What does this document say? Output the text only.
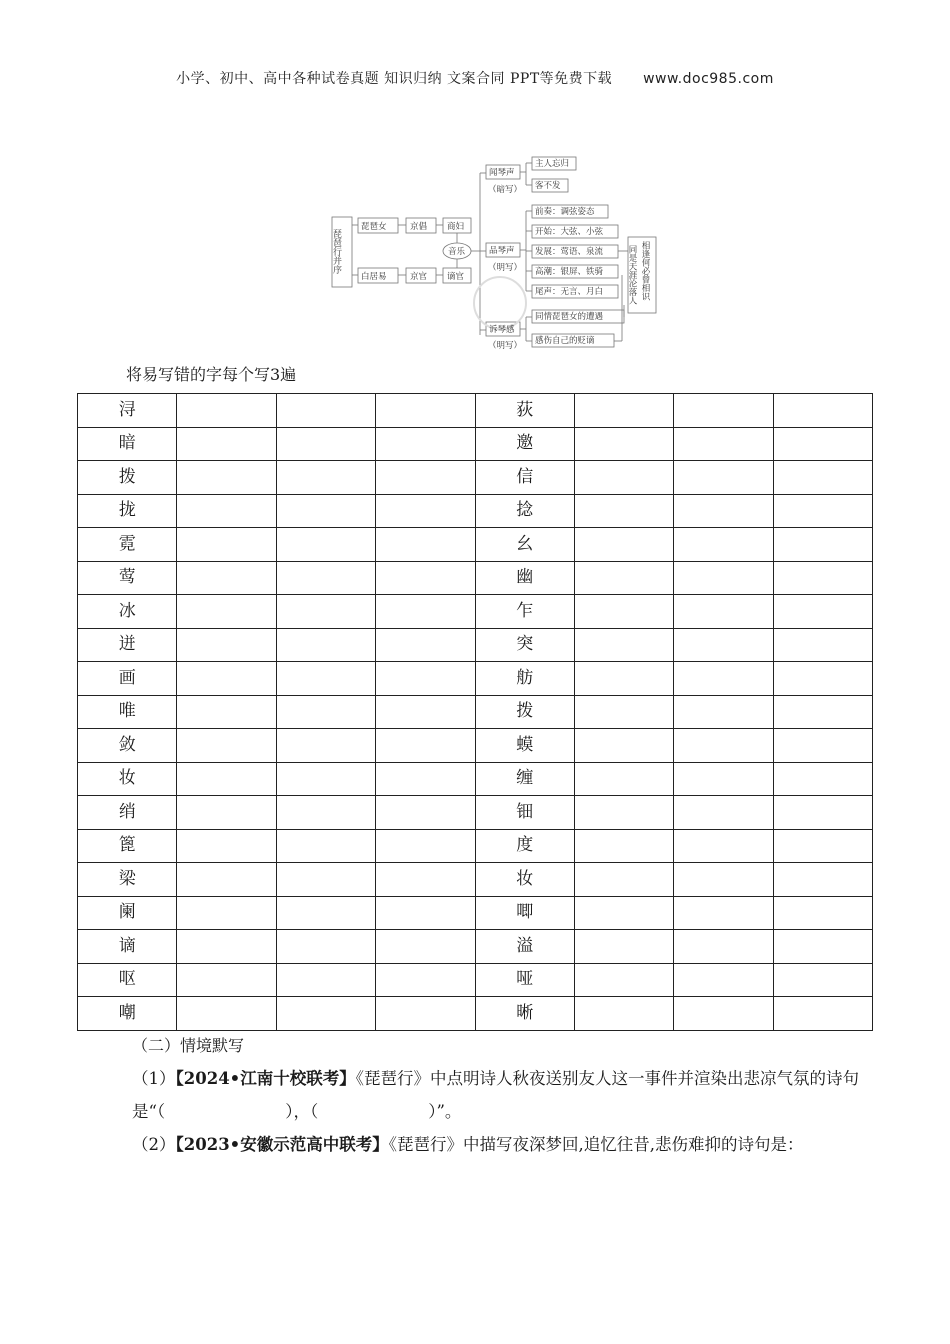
小学、初中、高中各种试卷真题 知识归纳 文案合同 PPT等免费下载 www.doc985.com
琵琶行并序
琵琶女	京倡 商妇
音乐
白居易	京官 谪官
闻琴声
（暗写）
主人忘归
客不发
品琴声
（明写）
前奏：调弦姿态
开始：大弦、小弦
发展：莺语、泉流
高潮：银屏、铁骑
尾声：无言、月白
诉琴感
（明写）
同情琵琶女的遭遇
感伤自己的贬谪
同是天涯沦落人 相逢何必曾相识
将易写错的字每个写3遍
浔				荻			
暗				邀			
拨				信			
拢				捻			
霓				幺			
莺				幽			
冰				乍			
迸				突			
画				舫			
唯				拨			
敛				蟆			
妆				缠			
绡				钿			
篦				度			
梁				妆			
阑				唧			
谪				溢			
呕				哑			
嘲				晰			
（二）情境默写
（1）【2024•江南十校联考】《琵琶行》中点明诗人秋夜送别友人这一事件并渲染出悲凉气氛的诗句是“（	），（	）”。
（2）【2023•安徽示范高中联考】《琵琶行》中描写夜深梦回,追忆往昔,悲伤难抑的诗句是：
